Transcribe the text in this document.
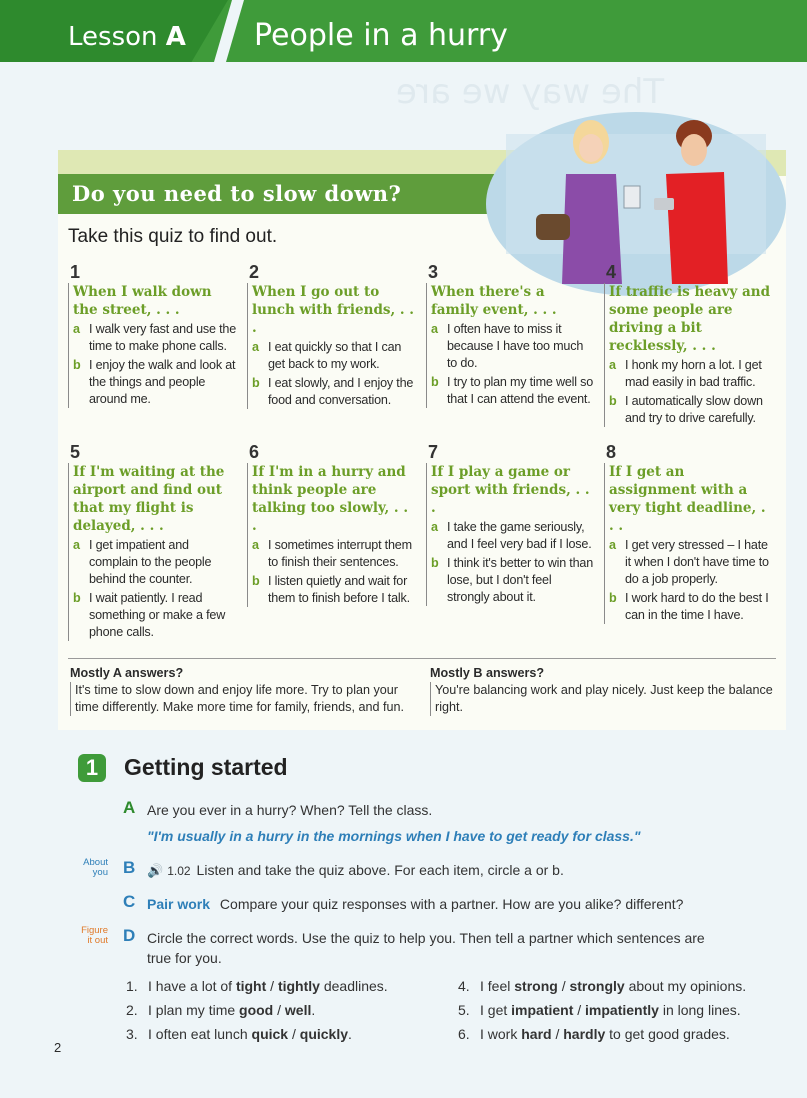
Lesson A People in a hurry
The way we are
Do you need to slow down?
Take this quiz to find out.
1
When I walk down the street, . . .
a I walk very fast and use the time to make phone calls.
b I enjoy the walk and look at the things and people around me.
2
When I go out to lunch with friends, . . .
a I eat quickly so that I can get back to my work.
b I eat slowly, and I enjoy the food and conversation.
3
When there's a family event, . . .
a I often have to miss it because I have too much to do.
b I try to plan my time well so that I can attend the event.
4
If traffic is heavy and some people are driving a bit recklessly, . . .
a I honk my horn a lot. I get mad easily in bad traffic.
b I automatically slow down and try to drive carefully.
5
If I'm waiting at the airport and find out that my flight is delayed, . . .
a I get impatient and complain to the people behind the counter.
b I wait patiently. I read something or make a few phone calls.
6
If I'm in a hurry and think people are talking too slowly, . . .
a I sometimes interrupt them to finish their sentences.
b I listen quietly and wait for them to finish before I talk.
7
If I play a game or sport with friends, . . .
a I take the game seriously, and I feel very bad if I lose.
b I think it's better to win than lose, but I don't feel strongly about it.
8
If I get an assignment with a very tight deadline, . . .
a I get very stressed – I hate it when I don't have time to do a job properly.
b I work hard to do the best I can in the time I have.
Mostly A answers?
It's time to slow down and enjoy life more. Try to plan your time differently. Make more time for family, friends, and fun.
Mostly B answers?
You're balancing work and play nicely. Just keep the balance right.
1	Getting started
A Are you ever in a hurry? When? Tell the class.
"I'm usually in a hurry in the mornings when I have to get ready for class."
About you B 🔊 1.02 Listen and take the quiz above. For each item, circle a or b.
C Pair work Compare your quiz responses with a partner. How are you alike? different?
Figure it out D Circle the correct words. Use the quiz to help you. Then tell a partner which sentences are true for you.
1. I have a lot of tight / tightly deadlines.
2. I plan my time good / well.
3. I often eat lunch quick / quickly.
4. I feel strong / strongly about my opinions.
5. I get impatient / impatiently in long lines.
6. I work hard / hardly to get good grades.
2
